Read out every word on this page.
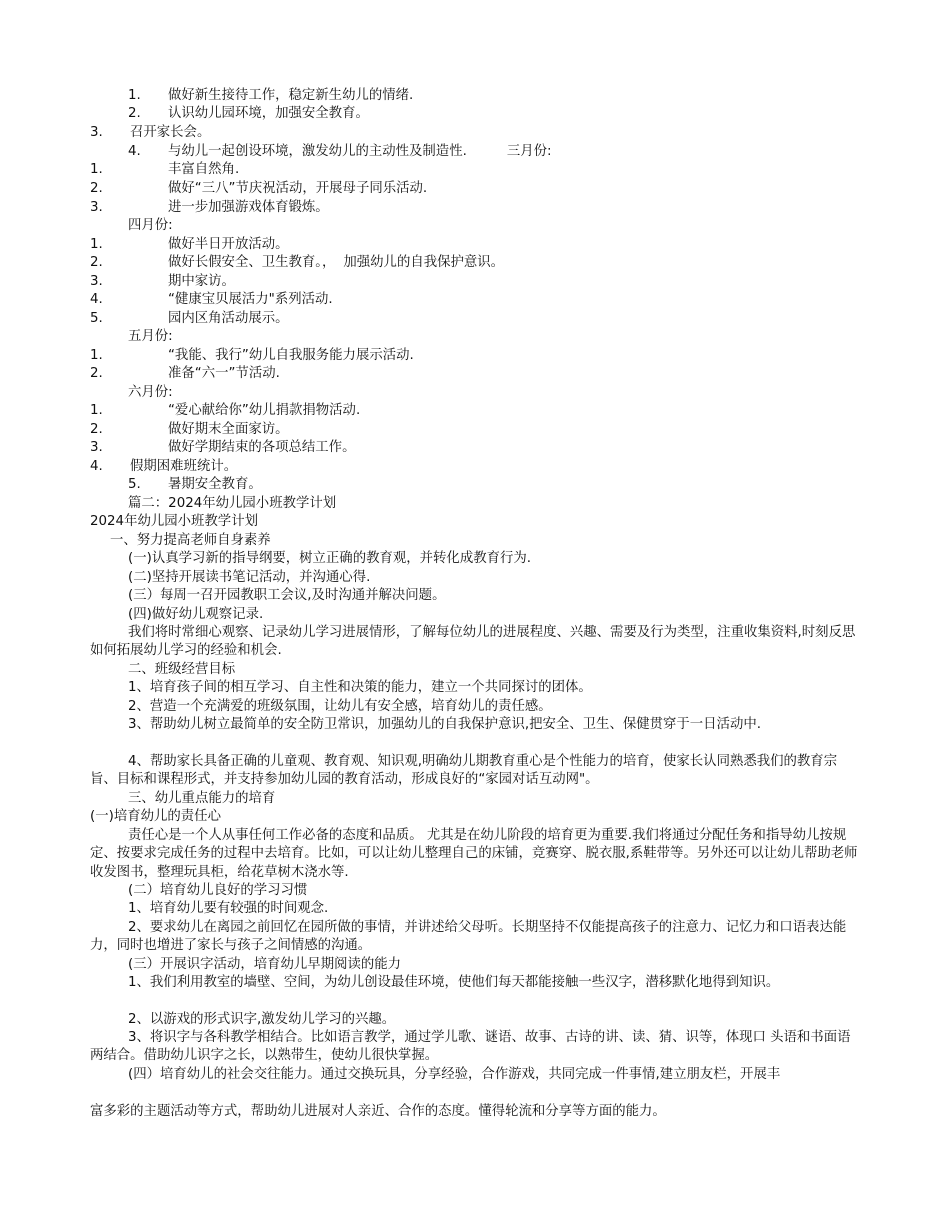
1. 做好新生接待工作，稳定新生幼儿的情绪.
2. 认识幼儿园环境，加强安全教育。
3. 召开家长会。
4. 与幼儿一起创设环境，激发幼儿的主动性及制造性.	三月份:
1.	丰富自然角.
2.	做好“三八”节庆祝活动，开展母子同乐活动.
3.	进一步加强游戏体育锻炼。
四月份:
1.	做好半日开放活动。
2.	做好长假安全、卫生教育。， 加强幼儿的自我保护意识。
3.	期中家访。
4.	“健康宝贝展活力"系列活动.
5.	园内区角活动展示。
五月份:
1.	“我能、我行”幼儿自我服务能力展示活动.
2.	准备“六一”节活动.
六月份:
1.	“爱心献给你”幼儿捐款捐物活动.
2.	做好期末全面家访。
3.	做好学期结束的各项总结工作。
4. 假期困难班统计。
5. 暑期安全教育。
篇二：2024年幼儿园小班教学计划
2024年幼儿园小班教学计划
一、努力提高老师自身素养
(一)认真学习新的指导纲要，树立正确的教育观，并转化成教育行为.
(二)坚持开展读书笔记活动，并沟通心得.
(三）每周一召开园教职工会议,及时沟通并解决问题。
(四)做好幼儿观察记录.
我们将时常细心观察、记录幼儿学习进展情形，了解每位幼儿的进展程度、兴趣、需要及行为类型，注重收集资料,时刻反思如何拓展幼儿学习的经验和机会.
二、班级经营目标
1、培育孩子间的相互学习、自主性和决策的能力，建立一个共同探讨的团体。
2、营造一个充满爱的班级氛围，让幼儿有安全感，培育幼儿的责任感。
3、帮助幼儿树立最简单的安全防卫常识，加强幼儿的自我保护意识,把安全、卫生、保健贯穿于一日活动中.
4、帮助家长具备正确的儿童观、教育观、知识观,明确幼儿期教育重心是个性能力的培育，使家长认同熟悉我们的教育宗旨、目标和课程形式，并支持参加幼儿园的教育活动，形成良好的“家园对话互动网"。
三、幼儿重点能力的培育
(一)培育幼儿的责任心
责任心是一个人从事任何工作必备的态度和品质。 尤其是在幼儿阶段的培育更为重要.我们将通过分配任务和指导幼儿按规定、按要求完成任务的过程中去培育。比如，可以让幼儿整理自己的床铺，竞赛穿、脱衣服,系鞋带等。另外还可以让幼儿帮助老师收发图书，整理玩具柜，给花草树木浇水等.
(二）培育幼儿良好的学习习惯
1、培育幼儿要有较强的时间观念.
2、要求幼儿在离园之前回忆在园所做的事情，并讲述给父母听。长期坚持不仅能提高孩子的注意力、记忆力和口语表达能力，同时也增进了家长与孩子之间情感的沟通。
(三）开展识字活动，培育幼儿早期阅读的能力
1、我们利用教室的墙壁、空间，为幼儿创设最佳环境，使他们每天都能接触一些汉字，潜移默化地得到知识。
2、以游戏的形式识字,激发幼儿学习的兴趣。
3、将识字与各科教学相结合。比如语言教学，通过学儿歌、谜语、故事、古诗的讲、读、猜、识等，体现口 头语和书面语两结合。借助幼儿识字之长，以熟带生，使幼儿很快掌握。
(四）培育幼儿的社会交往能力。通过交换玩具，分享经验，合作游戏，共同完成一件事情,建立朋友栏，开展丰
富多彩的主题活动等方式，帮助幼儿进展对人亲近、合作的态度。懂得轮流和分享等方面的能力。
